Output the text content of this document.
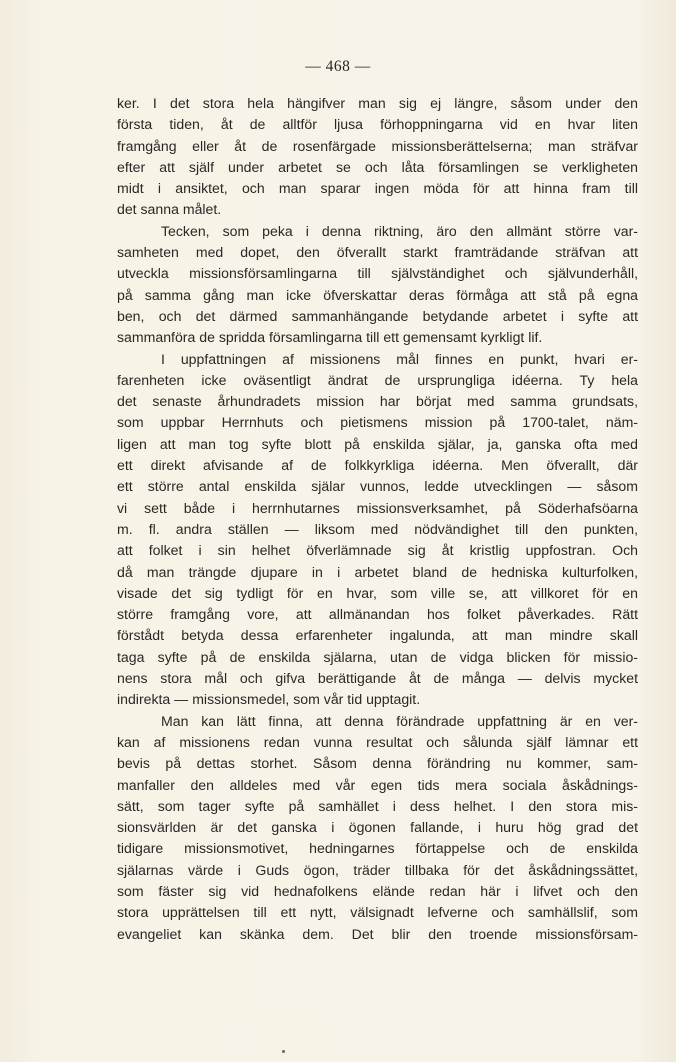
— 468 —
ker. I det stora hela hängifver man sig ej längre, såsom under den
första tiden, åt de alltför ljusa förhoppningarna vid en hvar liten
framgång eller åt de rosenfärgade missionsberättelserna; man sträfvar
efter att själf under arbetet se och låta församlingen se verkligheten
midt i ansiktet, och man sparar ingen möda för att hinna fram till
det sanna målet.
Tecken, som peka i denna riktning, äro den allmänt större var-
samheten med dopet, den öfverallt starkt framträdande sträfvan att
utveckla missionsförsamlingarna till självständighet och självunderhåll,
på samma gång man icke öfverskattar deras förmåga att stå på egna
ben, och det därmed sammanhängande betydande arbetet i syfte att
sammanföra de spridda församlingarna till ett gemensamt kyrkligt lif.
I uppfattningen af missionens mål finnes en punkt, hvari er-
farenheten icke oväsentligt ändrat de ursprungliga idéerna. Ty hela
det senaste århundradets mission har börjat med samma grundsats,
som uppbar Herrnhuts och pietismens mission på 1700-talet, näm-
ligen att man tog syfte blott på enskilda själar, ja, ganska ofta med
ett direkt afvisande af de folkkyrkliga idéerna. Men öfverallt, där
ett större antal enskilda själar vunnos, ledde utvecklingen — såsom
vi sett både i herrnhutarnes missionsverksamhet, på Söderhafsöarna
m. fl. andra ställen — liksom med nödvändighet till den punkten,
att folket i sin helhet öfverlämnade sig åt kristlig uppfostran. Och
då man trängde djupare in i arbetet bland de hedniska kulturfolken,
visade det sig tydligt för en hvar, som ville se, att villkoret för en
större framgång vore, att allmänandan hos folket påverkades. Rätt
förstådt betyda dessa erfarenheter ingalunda, att man mindre skall
taga syfte på de enskilda själarna, utan de vidga blicken för missio-
nens stora mål och gifva berättigande åt de många — delvis mycket
indirekta — missionsmedel, som vår tid upptagit.
Man kan lätt finna, att denna förändrade uppfattning är en ver-
kan af missionens redan vunna resultat och sålunda själf lämnar ett
bevis på dettas storhet. Såsom denna förändring nu kommer, sam-
manfaller den alldeles med vår egen tids mera sociala åskådnings-
sätt, som tager syfte på samhället i dess helhet. I den stora mis-
sionsvärlden är det ganska i ögonen fallande, i huru hög grad det
tidigare missionsmotivet, hedningarnes förtappelse och de enskilda
själarnas värde i Guds ögon, träder tillbaka för det åskådningssättet,
som fäster sig vid hednafolkens elände redan här i lifvet och den
stora upprättelsen till ett nytt, välsignadt lefverne och samhällslif, som
evangeliet kan skänka dem. Det blir den troende missionsförsam-
